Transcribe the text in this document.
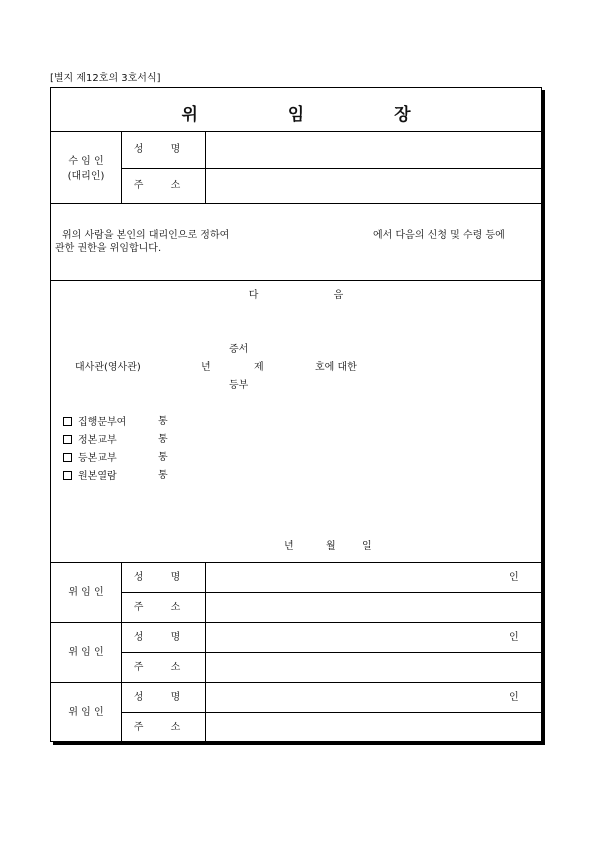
[별지 제12호의 3호서식]
위 임 장
수 임 인
(대리인)
성 명
주 소
위의 사람을 본인의 대리인으로 정하여	에서 다음의 신청 및 수령 등에
관한 권한을 위임합니다.
다 음
증서
대사관(영사관)	년	제	호에 대한
등부
집행문부여	통
정본교부	통
등본교부	통
원본열람	통
년	월	일
위 임 인
성 명	인
주 소
위 임 인
성 명	인
주 소
위 임 인
성 명	인
주 소
